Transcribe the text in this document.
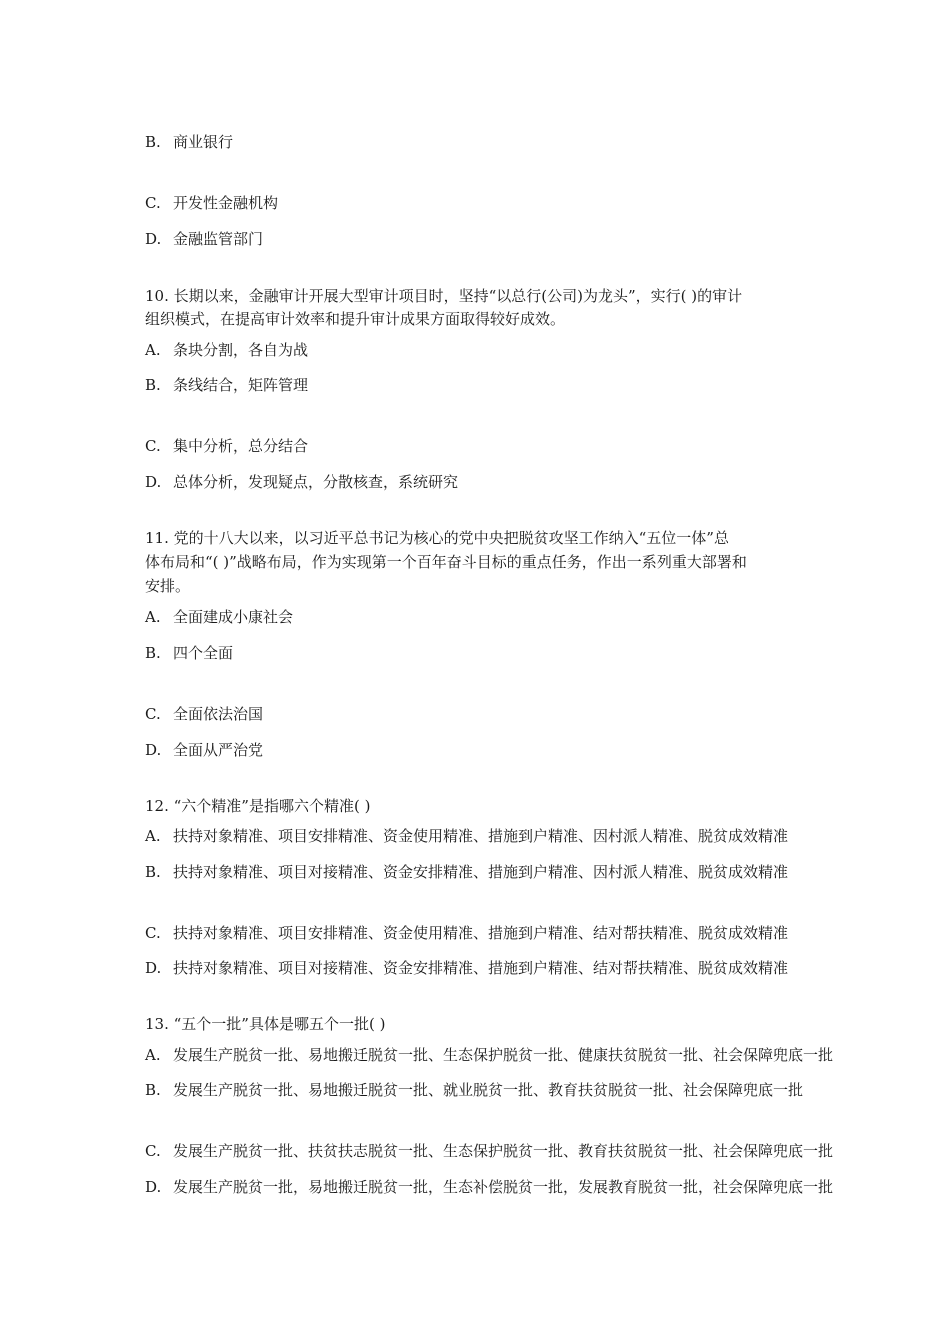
B. 商业银行
C. 开发性金融机构
D. 金融监管部门
10. 长期以来，金融审计开展大型审计项目时，坚持“以总行(公司)为龙头”，实行( )的审计
组织模式，在提高审计效率和提升审计成果方面取得较好成效。
A. 条块分割，各自为战
B. 条线结合，矩阵管理
C. 集中分析，总分结合
D. 总体分析，发现疑点，分散核查，系统研究
11. 党的十八大以来，以习近平总书记为核心的党中央把脱贫攻坚工作纳入“五位一体”总
体布局和“( )”战略布局，作为实现第一个百年奋斗目标的重点任务，作出一系列重大部署和
安排。
A. 全面建成小康社会
B. 四个全面
C. 全面依法治国
D. 全面从严治党
12. “六个精准”是指哪六个精准( )
A. 扶持对象精准、项目安排精准、资金使用精准、措施到户精准、因村派人精准、脱贫成效精准
B. 扶持对象精准、项目对接精准、资金安排精准、措施到户精准、因村派人精准、脱贫成效精准
C. 扶持对象精准、项目安排精准、资金使用精准、措施到户精准、结对帮扶精准、脱贫成效精准
D. 扶持对象精准、项目对接精准、资金安排精准、措施到户精准、结对帮扶精准、脱贫成效精准
13. “五个一批”具体是哪五个一批( )
A. 发展生产脱贫一批、易地搬迁脱贫一批、生态保护脱贫一批、健康扶贫脱贫一批、社会保障兜底一批
B. 发展生产脱贫一批、易地搬迁脱贫一批、就业脱贫一批、教育扶贫脱贫一批、社会保障兜底一批
C. 发展生产脱贫一批、扶贫扶志脱贫一批、生态保护脱贫一批、教育扶贫脱贫一批、社会保障兜底一批
D. 发展生产脱贫一批，易地搬迁脱贫一批，生态补偿脱贫一批，发展教育脱贫一批，社会保障兜底一批
